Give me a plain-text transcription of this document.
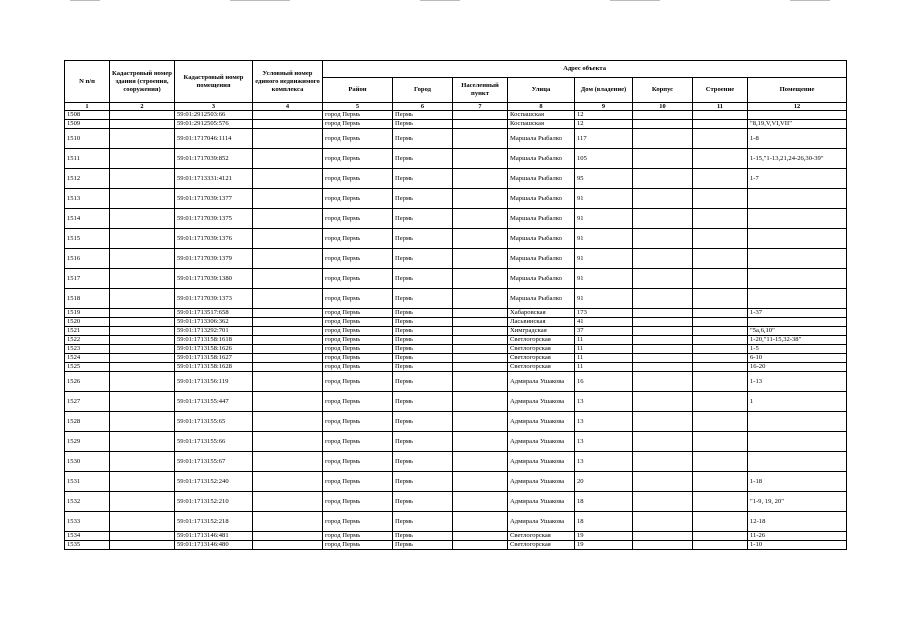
N п/п	Кадастровый номер здания (строения, сооружения)	Кадастровый номер помещения	Условный номер единого недвижимого комплекса	Адрес объекта							
				Район	Город	Населенный пункт	Улица	Дом (владение)	Корпус	Строение	Помещение
1	2	3	4	5	6	7	8	9	10	11	12
1508		59:01:2912503:66		город Пермь	Пермь		Коспашская	12			
1509		59:01:2912505:576		город Пермь	Пермь		Коспашская	12			"8,19,V,VI,VII"
1510		59:01:1717046:1114		город Пермь	Пермь		Маршала Рыбалко	117			1-8
1511		59:01:1717039:852		город Пермь	Пермь		Маршала Рыбалко	105			1-15,"1-13,21,24-26,30-39"
1512		59:01:1713331:4121		город Пермь	Пермь		Маршала Рыбалко	95			1-7
1513		59:01:1717039:1377		город Пермь	Пермь		Маршала Рыбалко	91			
1514		59:01:1717039:1375		город Пермь	Пермь		Маршала Рыбалко	91			
1515		59:01:1717039:1376		город Пермь	Пермь		Маршала Рыбалко	91			
1516		59:01:1717039:1379		город Пермь	Пермь		Маршала Рыбалко	91			
1517		59:01:1717039:1380		город Пермь	Пермь		Маршала Рыбалко	91			
1518		59:01:1717039:1373		город Пермь	Пермь		Маршала Рыбалко	91			
1519		59:01:1713517:658		город Пермь	Пермь		Хабаровская	173			1-37
1520		59:01:1713306:362		город Пермь	Пермь		Ласьвинская	41			
1521		59:01:1713292:701		город Пермь	Пермь		Химградская	37			"5а,6,10"
1522		59:01:1713158:1618		город Пермь	Пермь		Светлогорская	11			1-20,"11-15,32-38"
1523		59:01:1713158:1626		город Пермь	Пермь		Светлогорская	11			1-5
1524		59:01:1713158:1627		город Пермь	Пермь		Светлогорская	11			6-10
1525		59:01:1713158:1628		город Пермь	Пермь		Светлогорская	11			16-20
1526		59:01:1713156:119		город Пермь	Пермь		Адмирала Ушакова	16			1-13
1527		59:01:1713155:447		город Пермь	Пермь		Адмирала Ушакова	13			1
1528		59:01:1713155:65		город Пермь	Пермь		Адмирала Ушакова	13			
1529		59:01:1713155:66		город Пермь	Пермь		Адмирала Ушакова	13			
1530		59:01:1713155:67		город Пермь	Пермь		Адмирала Ушакова	13			
1531		59:01:1713152:240		город Пермь	Пермь		Адмирала Ушакова	20			1-18
1532		59:01:1713152:210		город Пермь	Пермь		Адмирала Ушакова	18			"1-9, 19, 20"
1533		59:01:1713152:218		город Пермь	Пермь		Адмирала Ушакова	18			12-18
1534		59:01:1713146:481		город Пермь	Пермь		Светлогорская	19			11-26
1535		59:01:1713146:480		город Пермь	Пермь		Светлогорская	19			1-10
